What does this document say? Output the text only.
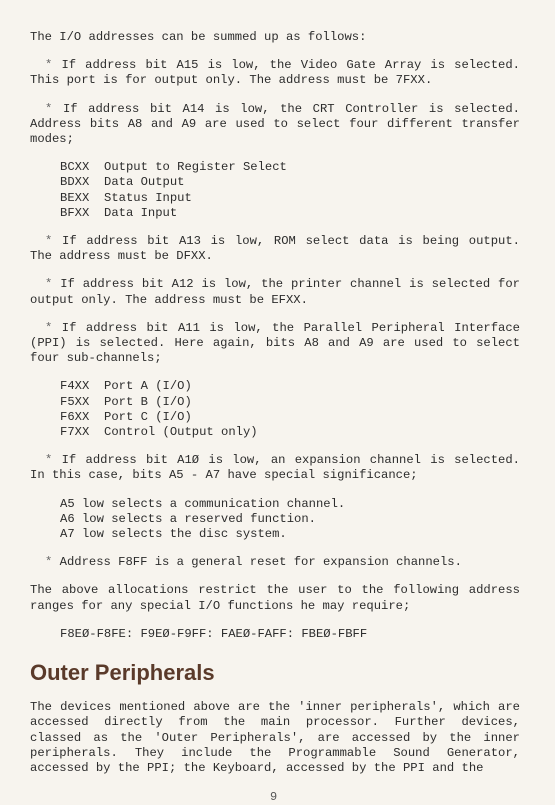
The I/O addresses can be summed up as follows:

* If address bit A15 is low, the Video Gate Array is selected. This port is for output only. The address must be 7FXX.

* If address bit A14 is low, the CRT Controller is selected. Address bits A8 and A9 are used to select four different transfer modes;

BCXX Output to Register Select
BDXX Data Output
BEXX Status Input
BFXX Data Input

* If address bit A13 is low, ROM select data is being output. The address must be DFXX.

* If address bit A12 is low, the printer channel is selected for output only. The address must be EFXX.

* If address bit A11 is low, the Parallel Peripheral Interface (PPI) is selected. Here again, bits A8 and A9 are used to select four sub-channels;

F4XX Port A (I/O)
F5XX Port B (I/O)
F6XX Port C (I/O)
F7XX Control (Output only)

* If address bit A1Ø is low, an expansion channel is selected. In this case, bits A5 - A7 have special significance;

A5 low selects a communication channel.
A6 low selects a reserved function.
A7 low selects the disc system.

* Address F8FF is a general reset for expansion channels.

The above allocations restrict the user to the following address ranges for any special I/O functions he may require;

F8EØ-F8FE: F9EØ-F9FF: FAEØ-FAFF: FBEØ-FBFF
Outer Peripherals

The devices mentioned above are the 'inner peripherals', which are accessed directly from the main processor. Further devices, classed as the 'Outer Peripherals', are accessed by the inner peripherals. They include the Programmable Sound Generator, accessed by the PPI; the Keyboard, accessed by the PPI and the

9
